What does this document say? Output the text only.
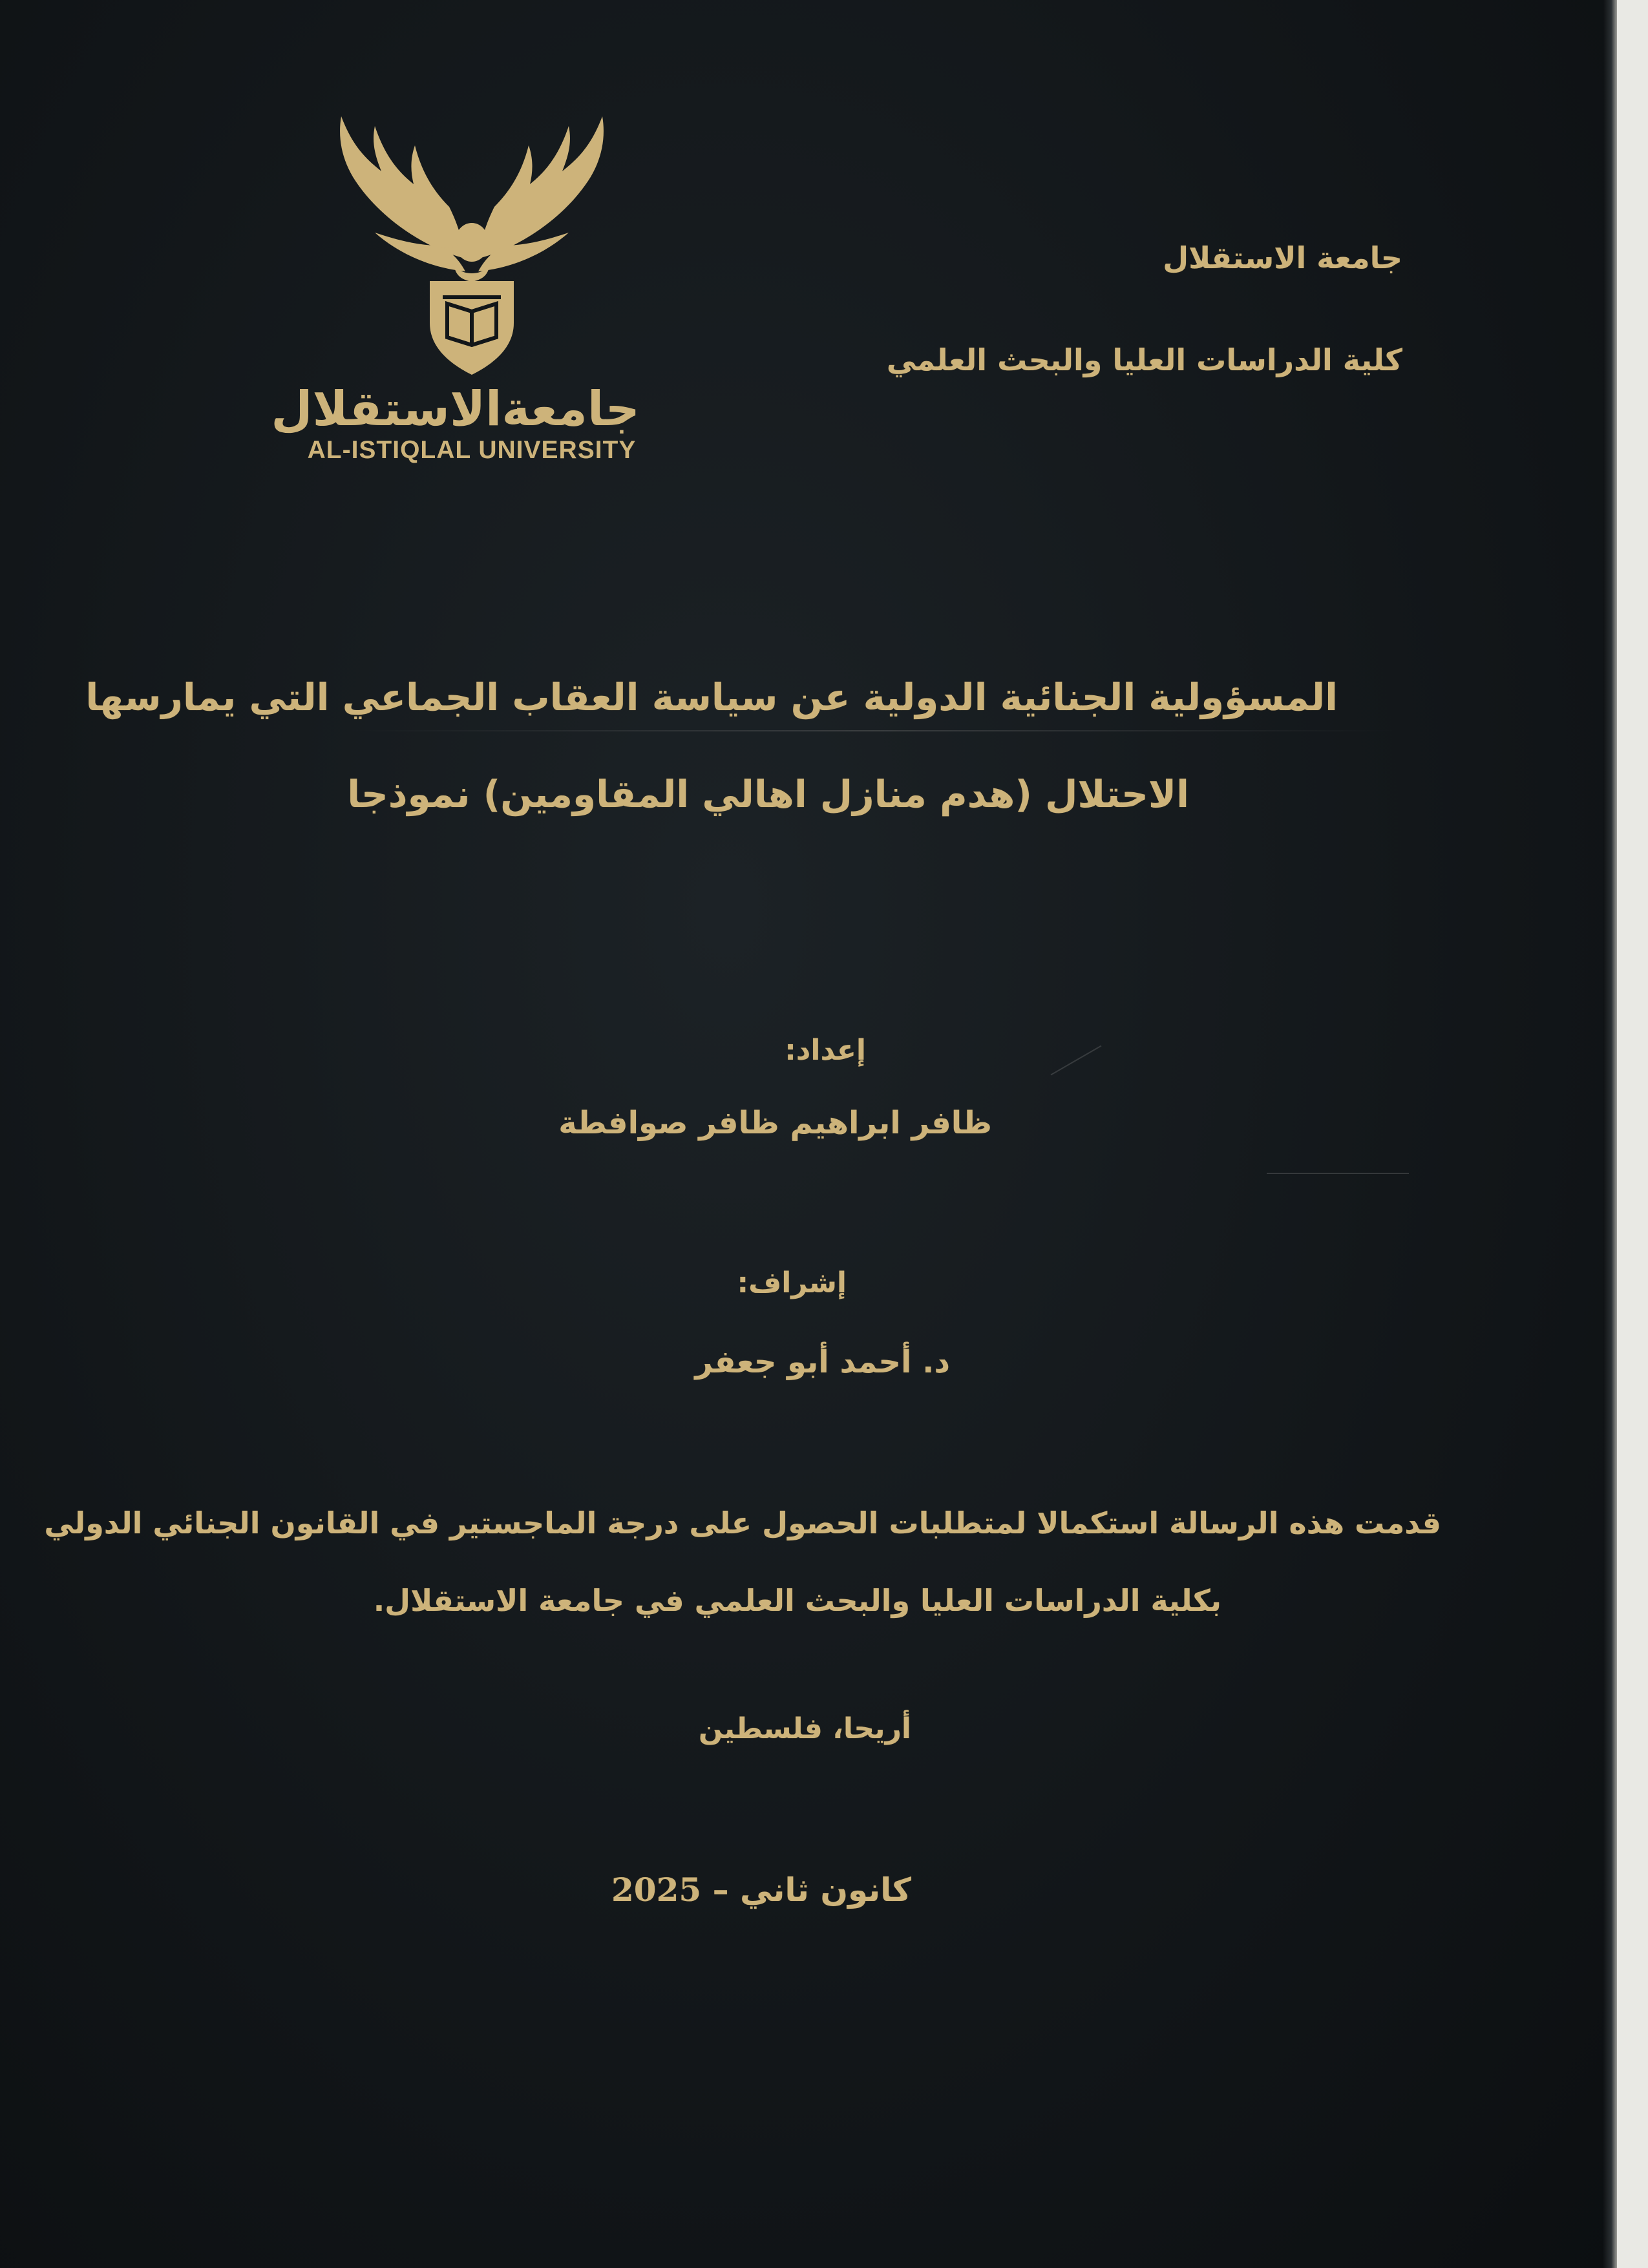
جامعةالاستقلال
AL-ISTIQLAL UNIVERSITY
جامعة الاستقلال
كلية الدراسات العليا والبحث العلمي
المسؤولية الجنائية الدولية عن سياسة العقاب الجماعي التي يمارسها
الاحتلال (هدم منازل اهالي المقاومين) نموذجا
إعداد:
ظافر ابراهيم ظافر صوافطة
إشراف:
د. أحمد أبو جعفر
قدمت هذه الرسالة استكمالا لمتطلبات الحصول على درجة الماجستير في القانون الجنائي الدولي
بكلية الدراسات العليا والبحث العلمي في جامعة الاستقلال.
أريحا، فلسطين
كانون ثاني – 2025
